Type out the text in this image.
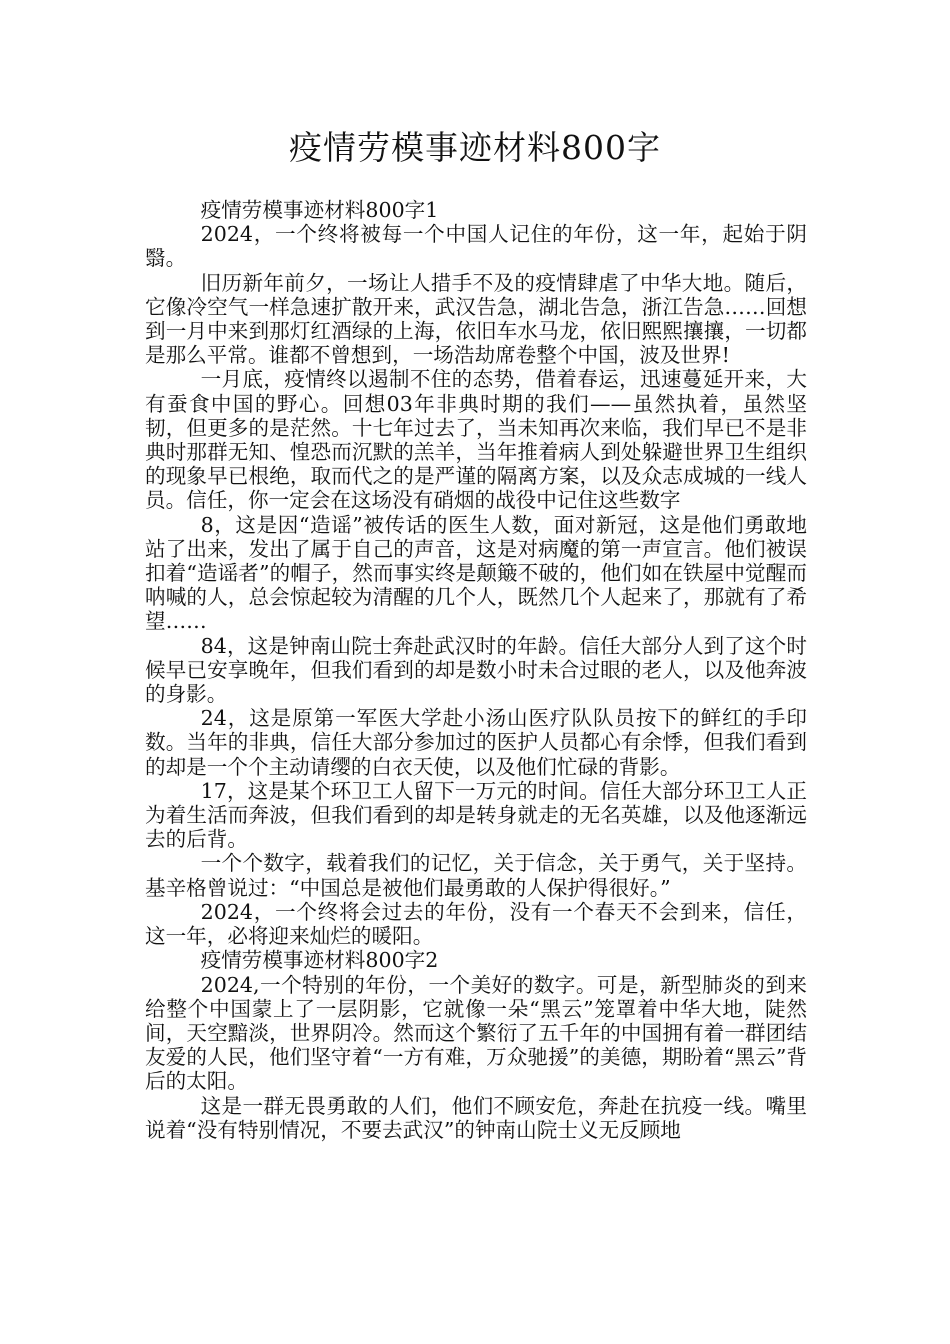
疫情劳模事迹材料800字

疫情劳模事迹材料800字1

2024，一个终将被每一个中国人记住的年份，这一年，起始于阴翳。

旧历新年前夕，一场让人措手不及的疫情肆虐了中华大地。随后，它像冷空气一样急速扩散开来，武汉告急，湖北告急，浙江告急……回想到一月中来到那灯红酒绿的上海，依旧车水马龙，依旧熙熙攘攘，一切都是那么平常。谁都不曾想到，一场浩劫席卷整个中国，波及世界!

一月底，疫情终以遏制不住的态势，借着春运，迅速蔓延开来，大有蚕食中国的野心。回想03年非典时期的我们——虽然执着，虽然坚韧，但更多的是茫然。十七年过去了，当未知再次来临，我们早已不是非典时那群无知、惶恐而沉默的羔羊，当年推着病人到处躲避世界卫生组织的现象早已根绝，取而代之的是严谨的隔离方案，以及众志成城的一线人员。信任，你一定会在这场没有硝烟的战役中记住这些数字

8，这是因“造谣”被传话的医生人数，面对新冠，这是他们勇敢地站了出来，发出了属于自己的声音，这是对病魔的第一声宣言。他们被误扣着“造谣者”的帽子，然而事实终是颠簸不破的，他们如在铁屋中觉醒而呐喊的人，总会惊起较为清醒的几个人，既然几个人起来了，那就有了希望……

84，这是钟南山院士奔赴武汉时的年龄。信任大部分人到了这个时候早已安享晚年，但我们看到的却是数小时未合过眼的老人，以及他奔波的身影。

24，这是原第一军医大学赴小汤山医疗队队员按下的鲜红的手印数。当年的非典，信任大部分参加过的医护人员都心有余悸，但我们看到的却是一个个主动请缨的白衣天使，以及他们忙碌的背影。

17，这是某个环卫工人留下一万元的时间。信任大部分环卫工人正为着生活而奔波，但我们看到的却是转身就走的无名英雄，以及他逐渐远去的后背。

一个个数字，载着我们的记忆，关于信念，关于勇气，关于坚持。基辛格曾说过：“中国总是被他们最勇敢的人保护得很好。”

2024，一个终将会过去的年份，没有一个春天不会到来，信任，这一年，必将迎来灿烂的暖阳。

疫情劳模事迹材料800字2

2024,一个特别的年份，一个美好的数字。可是，新型肺炎的到来给整个中国蒙上了一层阴影，它就像一朵“黑云”笼罩着中华大地，陡然间，天空黯淡，世界阴冷。然而这个繁衍了五千年的中国拥有着一群团结友爱的人民，他们坚守着“一方有难，万众驰援”的美德，期盼着“黑云”背后的太阳。

这是一群无畏勇敢的人们，他们不顾安危，奔赴在抗疫一线。嘴里说着“没有特别情况，不要去武汉”的钟南山院士义无反顾地
